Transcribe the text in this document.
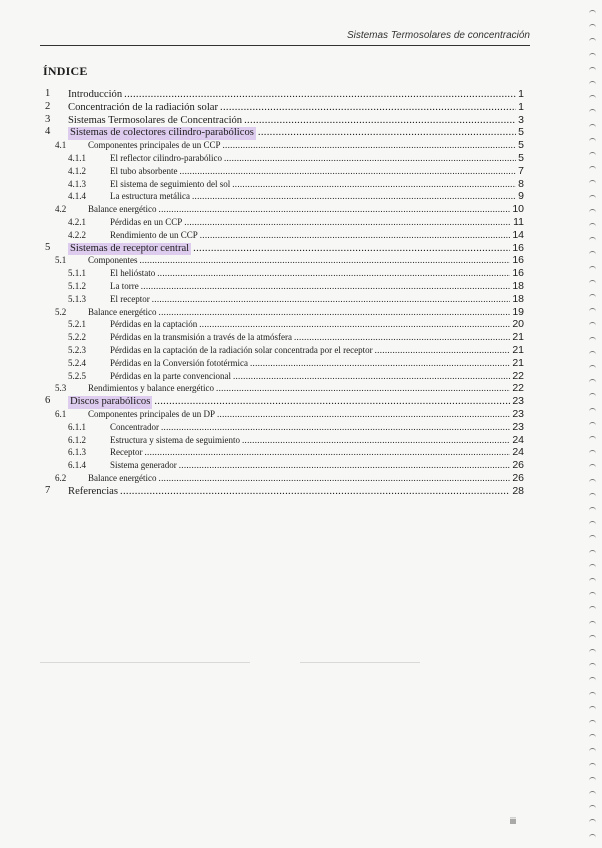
Sistemas Termosolares de concentración
ÍNDICE
1 Introducción .....	1
2 Concentración de la radiación solar .....	1
3 Sistemas Termosolares de Concentración .....	3
4 Sistemas de colectores cilindro-parabólicos .....	5
4.1 Componentes principales de un CCP .....	5
4.1.1	El reflector cilindro-parabólico .....	5
4.1.2	El tubo absorbente .....	7
4.1.3	El sistema de seguimiento del sol .....	8
4.1.4	La estructura metálica .....	9
4.2 Balance energético .....	10
4.2.1	Pérdidas en un CCP .....	11
4.2.2	Rendimiento de un CCP .....	14
5 Sistemas de receptor central .....	16
5.1 Componentes .....	16
5.1.1	El helióstato .....	16
5.1.2	La torre .....	18
5.1.3	El receptor .....	18
5.2 Balance energético .....	19
5.2.1	Pérdidas en la captación .....	20
5.2.2	Pérdidas en la transmisión a través de la atmósfera .....	21
5.2.3	Pérdidas en la captación de la radiación solar concentrada por el receptor .....	21
5.2.4	Pérdidas en la Conversión fototérmica .....	21
5.2.5	Pérdidas en la parte convencional .....	22
5.3 Rendimientos y balance energético .....	22
6 Discos parabólicos .....	23
6.1 Componentes principales de un DP .....	23
6.1.1	Concentrador .....	23
6.1.2	Estructura y sistema de seguimiento .....	24
6.1.3	Receptor .....	24
6.1.4	Sistema generador .....	26
6.2 Balance energético .....	26
7 Referencias .....	28
iii
